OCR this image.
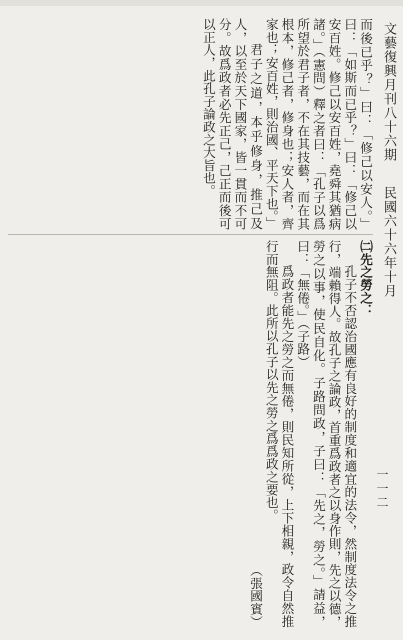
文藝復興月刊八十六期 　 民國六十六年十月
一一二

而後已乎？」曰：「修己以安人。」曰：「如斯而已乎？」曰：「修己以安百姓。修己以安百姓，堯舜其猶病諸。」（憲問）釋之者曰：「孔子以爲所望於君子者，不在其技藝，而在其根本，修己者，修身也；安人者，齊家也；安百姓，則治國、平天下也。」

君子之道，本乎修身，推己及人，以至於天下國家，皆一貫而不可分。故爲政者必先正己，己正而後可以正人，此孔子論政之大旨也。

㈡先之勞之：

孔子不否認治國應有良好的制度和適宜的法令，然制度法令之推行，端賴得人。故孔子之論政，首重爲政者之以身作則，先之以德，勞之以事，使民自化。子路問政，子曰：「先之，勞之。」請益，曰：「無倦。」（子路）

爲政者能先之勞之而無倦，則民知所從，上下相親，政令自然推行而無阻。此所以孔子以先之勞之爲爲政之要也。

（張國賓）
